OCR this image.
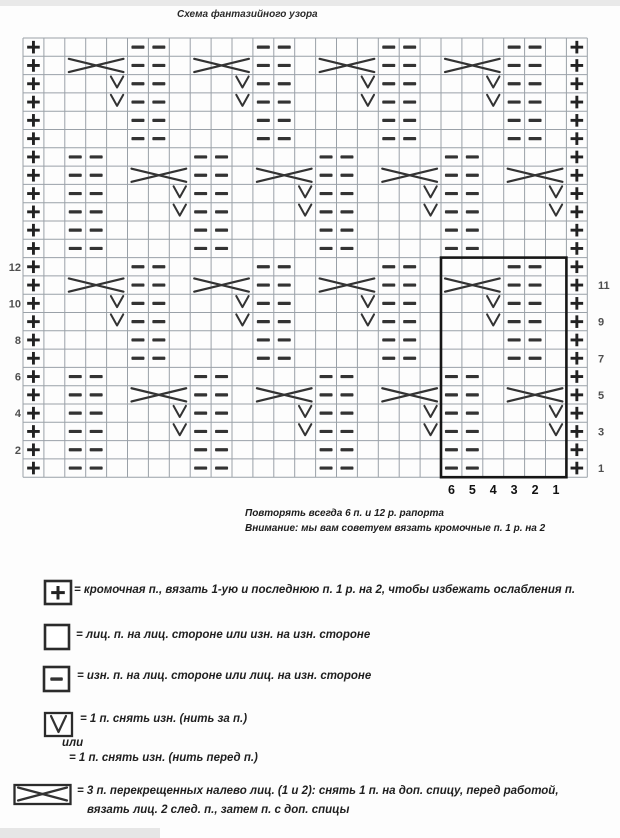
Схема фантазийного узора
12
10
8
6
4
2
11
9
7
5
3
1
6 5 4 3 2 1
Повторять всегда 6 п. и 12 р. рапорта
Внимание: мы вам советуем вязать кромочные п. 1 р. на 2
= кромочная п., вязать 1-ую и последнюю п. 1 р. на 2, чтобы избежать ослабления п.
= лиц. п. на лиц. стороне или изн. на изн. стороне
= изн. п. на лиц. стороне или лиц. на изн. стороне
= 1 п. снять изн. (нить за п.)
или
= 1 п. снять изн. (нить перед п.)
= 3 п. перекрещенных налево лиц. (1 и 2): снять 1 п. на доп. спицу, перед работой,
вязать лиц. 2 след. п., затем п. с доп. спицы
